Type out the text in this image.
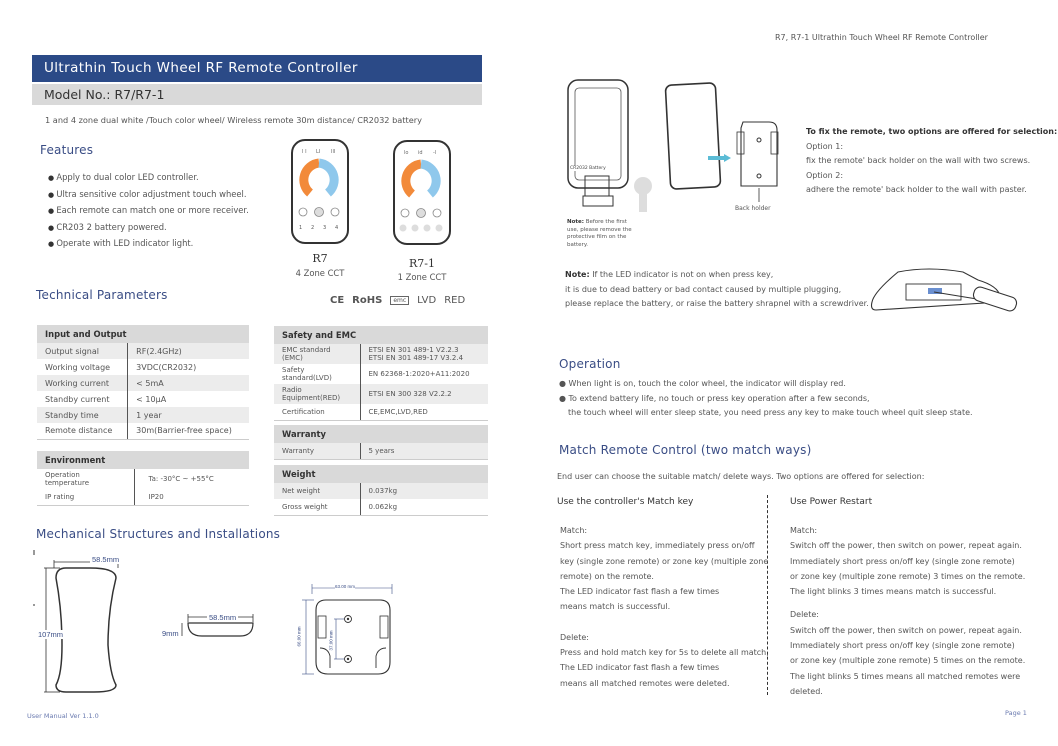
Ultrathin Touch Wheel RF Remote Controller
Model No.: R7/R7-1
1 and 4 zone dual white /Touch color wheel/ Wireless remote 30m distance/ CR2032 battery
Features
● Apply to dual color LED controller.
● Ultra sensitive color adjustment touch wheel.
● Each remote can match one or more receiver.
● CR203 2 battery powered.
● Operate with LED indicator light.
I I LI IlI
1 2 3 4
R7
4 Zone CCT
lo id -l
R7-1
1 Zone CCT
CE RoHS	emc	LVD RED
Technical Parameters
Input and Output	
Output signal	RF(2.4GHz)
Working voltage	3VDC(CR2032)
Working current	< 5mA
Standby current	< 10μA
Standby time	1 year
Remote distance	30m(Barrier-free space)
Environment	
Operation temperature	Ta: -30°C ~ +55°C
IP rating	IP20
Safety and EMC	
EMC standard (EMC)	ETSI EN 301 489-1 V2.2.3
ETSI EN 301 489-17 V3.2.4

Safety standard(LVD)	EN 62368-1:2020+A11:2020
Radio Equipment(RED)	ETSI EN 300 328 V2.2.2
Certification	CE,EMC,LVD,RED
Warranty
Warranty	5 years
Weight	
Net weight	0.037kg
Gross weight	0.062kg
Mechanical Structures and Installations
58.5mm
107mm
58.5mm
9mm
63.00 mm
66.00 mm	37.00 mm
User Manual Ver 1.1.0
R7, R7-1 Ultrathin Touch Wheel RF Remote Controller
CR2032 Battery
Back holder
Note: Before the first use, please remove the protective film on the battery.
To fix the remote, two options are offered for selection:
Option 1:
fix the remote' back holder on the wall with two screws.
Option 2:
adhere the remote' back holder to the wall with paster.
Note: If the LED indicator is not on when press key,
it is due to dead battery or bad contact caused by multiple plugging,
please replace the battery, or raise the battery shrapnel with a screwdriver.
Operation
● When light is on, touch the color wheel, the indicator will display red.
● To extend battery life, no touch or press key operation after a few seconds,
the touch wheel will enter sleep state, you need press any key to make touch wheel quit sleep state.
Match Remote Control (two match ways)
End user can choose the suitable match/ delete ways. Two options are offered for selection:
Use the controller's Match key	Use Power Restart
Match:
Short press match key, immediately press on/off
key (single zone remote) or zone key (multiple zone
remote) on the remote.
The LED indicator fast flash a few times
means match is successful.
Delete:
Press and hold match key for 5s to delete all match,
The LED indicator fast flash a few times
means all matched remotes were deleted.
Match:
Switch off the power, then switch on power, repeat again.
Immediately short press on/off key (single zone remote)
or zone key (multiple zone remote) 3 times on the remote.
The light blinks 3 times means match is successful.
Delete:
Switch off the power, then switch on power, repeat again.
Immediately short press on/off key (single zone remote)
or zone key (multiple zone remote) 5 times on the remote.
The light blinks 5 times means all matched remotes were
deleted.
Page 1
